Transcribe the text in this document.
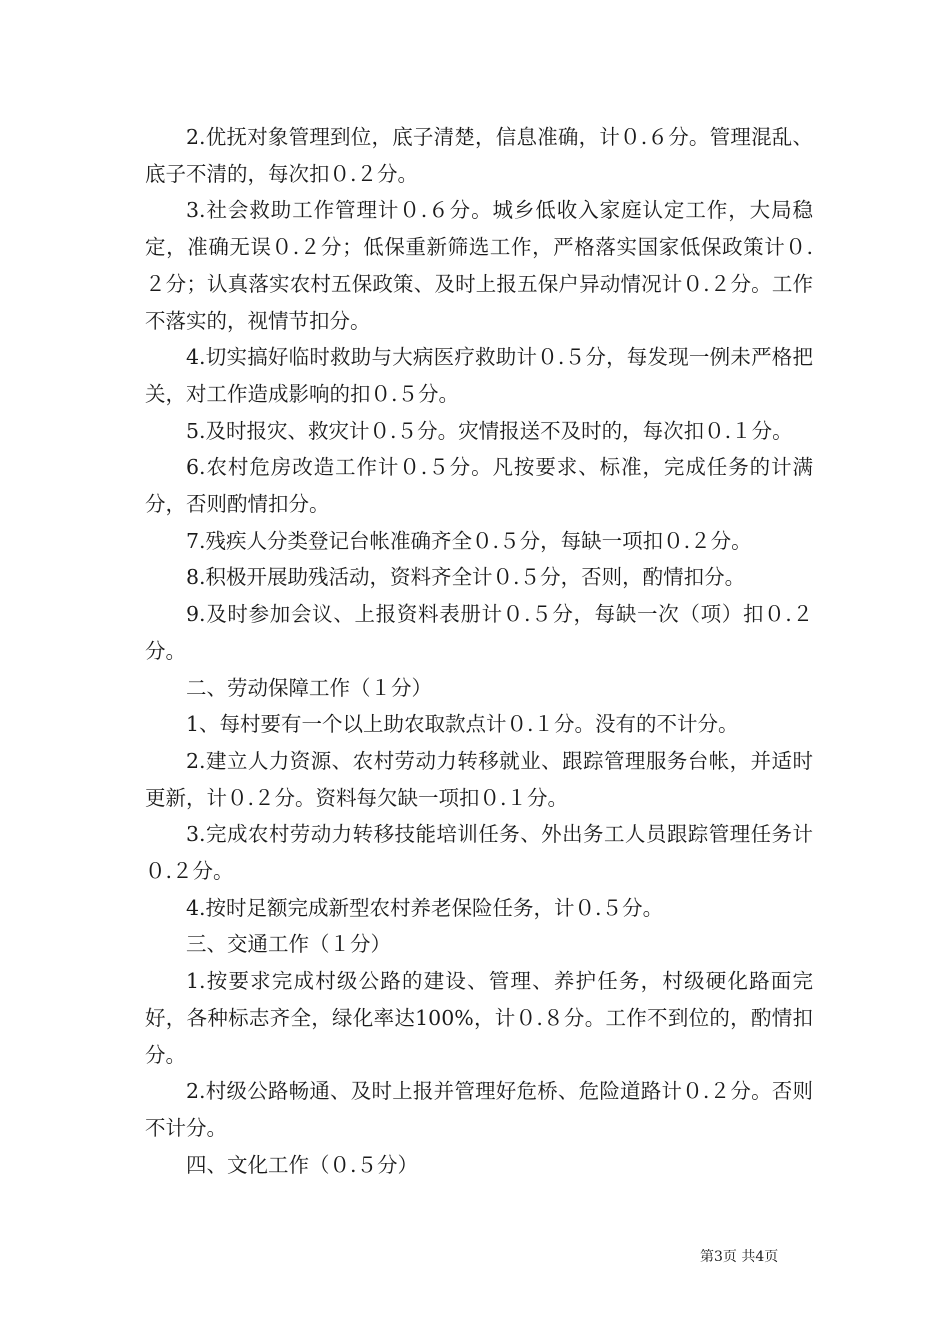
2.优抚对象管理到位，底子清楚，信息准确，计０.６分。管理混乱、底子不清的，每次扣０.２分。

3.社会救助工作管理计０.６分。城乡低收入家庭认定工作，大局稳定，准确无误０.２分；低保重新筛选工作，严格落实国家低保政策计０.２分；认真落实农村五保政策、及时上报五保户异动情况计０.２分。工作不落实的，视情节扣分。

4.切实搞好临时救助与大病医疗救助计０.５分，每发现一例未严格把关，对工作造成影响的扣０.５分。

5.及时报灾、救灾计０.５分。灾情报送不及时的，每次扣０.１分。

6.农村危房改造工作计０.５分。凡按要求、标准，完成任务的计满分，否则酌情扣分。

7.残疾人分类登记台帐准确齐全０.５分，每缺一项扣０.２分。

8.积极开展助残活动，资料齐全计０.５分，否则，酌情扣分。

9.及时参加会议、上报资料表册计０.５分，每缺一次（项）扣０.２分。

二、劳动保障工作（１分）

1、每村要有一个以上助农取款点计０.１分。没有的不计分。

2.建立人力资源、农村劳动力转移就业、跟踪管理服务台帐，并适时更新，计０.２分。资料每欠缺一项扣０.１分。

3.完成农村劳动力转移技能培训任务、外出务工人员跟踪管理任务计０.２分。

4.按时足额完成新型农村养老保险任务，计０.５分。

三、交通工作（１分）

1.按要求完成村级公路的建设、管理、养护任务，村级硬化路面完好，各种标志齐全，绿化率达100%，计０.８分。工作不到位的，酌情扣分。

2.村级公路畅通、及时上报并管理好危桥、危险道路计０.２分。否则不计分。

四、文化工作（０.５分）

第3页 共4页
